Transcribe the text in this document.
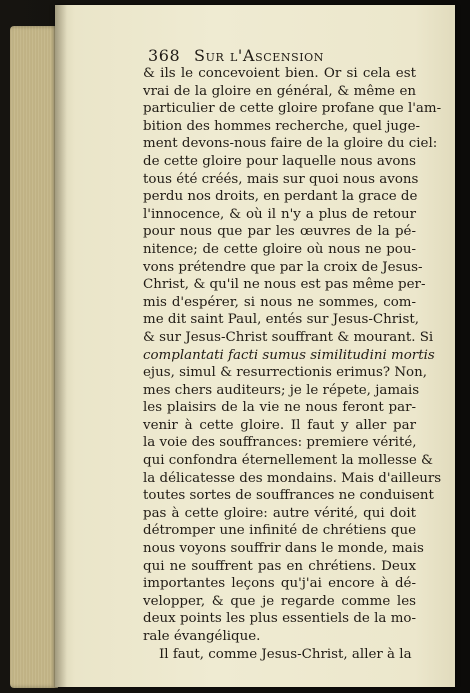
368 Sur l'Ascension
& ils le concevoient bien. Or si cela est
vrai de la gloire en général, & même en
particulier de cette gloire profane que l'am-
bition des hommes recherche, quel juge-
ment devons-nous faire de la gloire du ciel:
de cette gloire pour laquelle nous avons
tous été créés, mais sur quoi nous avons
perdu nos droits, en perdant la grace de
l'innocence, & où il n'y a plus de retour
pour nous que par les œuvres de la pé-
nitence; de cette gloire où nous ne pou-
vons prétendre que par la croix de Jesus-
Christ, & qu'il ne nous est pas même per-
mis d'espérer, si nous ne sommes, com-
me dit saint Paul, entés sur Jesus-Christ,
& sur Jesus-Christ souffrant & mourant. Si
complantati facti sumus similitudini mortis
ejus, simul & resurrectionis erimus? Non,
mes chers auditeurs; je le répete, jamais
les plaisirs de la vie ne nous feront par-
venir à cette gloire. Il faut y aller par
la voie des souffrances: premiere vérité,
qui confondra éternellement la mollesse &
la délicatesse des mondains. Mais d'ailleurs
toutes sortes de souffrances ne conduisent
pas à cette gloire: autre vérité, qui doit
détromper une infinité de chrétiens que
nous voyons souffrir dans le monde, mais
qui ne souffrent pas en chrétiens. Deux
importantes leçons qu'j'ai encore à dé-
velopper, & que je regarde comme les
deux points les plus essentiels de la mo-
rale évangélique.
Il faut, comme Jesus-Christ, aller à la
